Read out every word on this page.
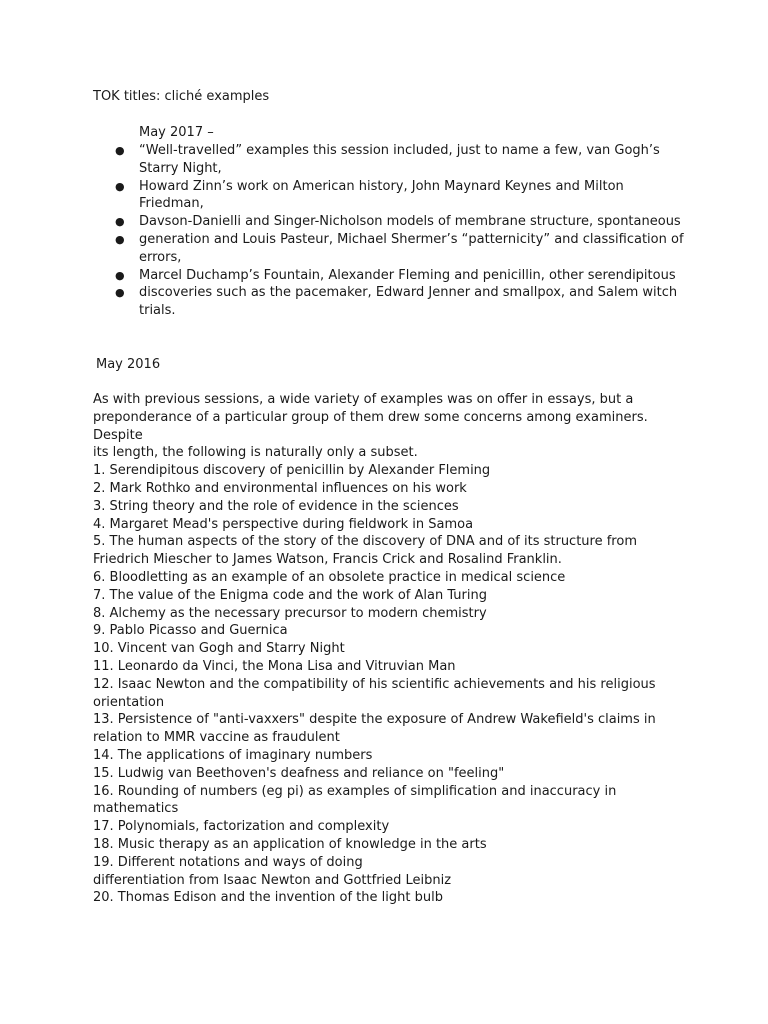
TOK titles: cliché examples
May 2017 –
● “Well-travelled” examples this session included, just to name a few, van Gogh’s Starry Night,
● Howard Zinn’s work on American history, John Maynard Keynes and Milton Friedman,
● Davson-Danielli and Singer-Nicholson models of membrane structure, spontaneous
● generation and Louis Pasteur, Michael Shermer’s “patternicity” and classification of errors,
● Marcel Duchamp’s Fountain, Alexander Fleming and penicillin, other serendipitous
● discoveries such as the pacemaker, Edward Jenner and smallpox, and Salem witch trials.
May 2016

As with previous sessions, a wide variety of examples was on offer in essays, but a

preponderance of a particular group of them drew some concerns among examiners.

Despite

its length, the following is naturally only a subset.

1. Serendipitous discovery of penicillin by Alexander Fleming
2. Mark Rothko and environmental influences on his work
3. String theory and the role of evidence in the sciences
4. Margaret Mead's perspective during fieldwork in Samoa
5. The human aspects of the story of the discovery of DNA and of its structure from Friedrich Miescher to James Watson, Francis Crick and Rosalind Franklin.
6. Bloodletting as an example of an obsolete practice in medical science
7. The value of the Enigma code and the work of Alan Turing
8. Alchemy as the necessary precursor to modern chemistry
9. Pablo Picasso and Guernica
10. Vincent van Gogh and Starry Night
11. Leonardo da Vinci, the Mona Lisa and Vitruvian Man
12. Isaac Newton and the compatibility of his scientific achievements and his religious orientation
13. Persistence of "anti-vaxxers" despite the exposure of Andrew Wakefield's claims in relation to MMR vaccine as fraudulent
14. The applications of imaginary numbers
15. Ludwig van Beethoven's deafness and reliance on "feeling"
16. Rounding of numbers (eg pi) as examples of simplification and inaccuracy in mathematics
17. Polynomials, factorization and complexity
18. Music therapy as an application of knowledge in the arts
19. Different notations and ways of doing
differentiation from Isaac Newton and Gottfried Leibniz
20. Thomas Edison and the invention of the light bulb
